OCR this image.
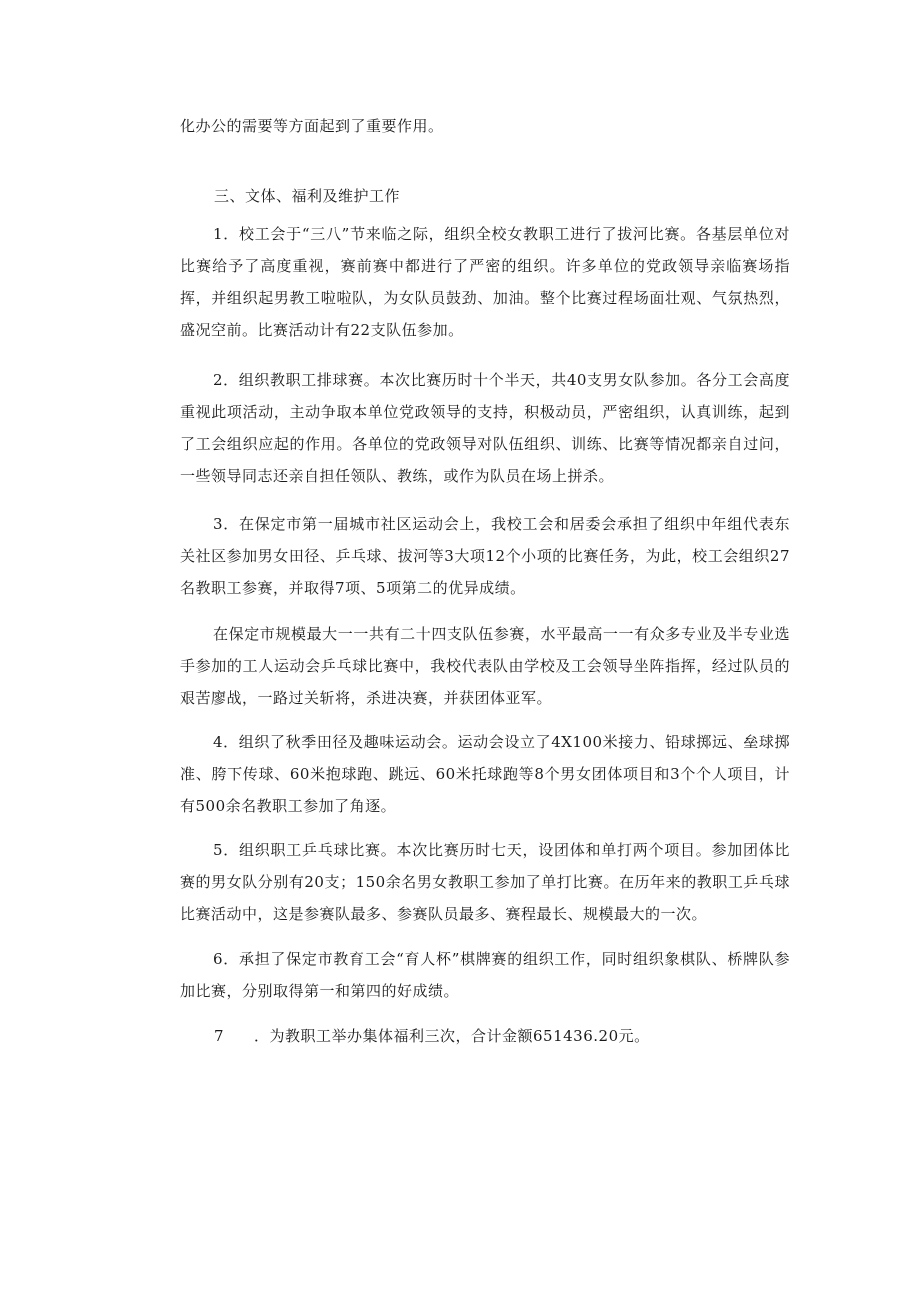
化办公的需要等方面起到了重要作用。

三、文体、福利及维护工作

1．校工会于“三八”节来临之际，组织全校女教职工进行了拔河比赛。各基层单位对比赛给予了高度重视，赛前赛中都进行了严密的组织。许多单位的党政领导亲临赛场指挥，并组织起男教工啦啦队，为女队员鼓劲、加油。整个比赛过程场面壮观、气氛热烈，盛况空前。比赛活动计有22支队伍参加。

2．组织教职工排球赛。本次比赛历时十个半天，共40支男女队参加。各分工会高度重视此项活动，主动争取本单位党政领导的支持，积极动员，严密组织，认真训练，起到了工会组织应起的作用。各单位的党政领导对队伍组织、训练、比赛等情况都亲自过问，一些领导同志还亲自担任领队、教练，或作为队员在场上拼杀。

3．在保定市第一届城市社区运动会上，我校工会和居委会承担了组织中年组代表东关社区参加男女田径、乒乓球、拔河等3大项12个小项的比赛任务，为此，校工会组织27名教职工参赛，并取得7项、5项第二的优异成绩。

在保定市规模最大一一共有二十四支队伍参赛，水平最高一一有众多专业及半专业选手参加的工人运动会乒乓球比赛中，我校代表队由学校及工会领导坐阵指挥，经过队员的艰苦廖战，一路过关斩将，杀进决赛，并获团体亚军。

4．组织了秋季田径及趣味运动会。运动会设立了4X100米接力、铅球掷远、垒球掷准、胯下传球、60米抱球跑、跳远、60米托球跑等8个男女团体项目和3个个人项目，计有500余名教职工参加了角逐。

5．组织职工乒乓球比赛。本次比赛历时七天，设团体和单打两个项目。参加团体比赛的男女队分别有20支；150余名男女教职工参加了单打比赛。在历年来的教职工乒乓球比赛活动中，这是参赛队最多、参赛队员最多、赛程最长、规模最大的一次。

6．承担了保定市教育工会“育人杯”棋牌赛的组织工作，同时组织象棋队、桥牌队参加比赛，分别取得第一和第四的好成绩。

7 ．为教职工举办集体福利三次，合计金额651436.20元。
